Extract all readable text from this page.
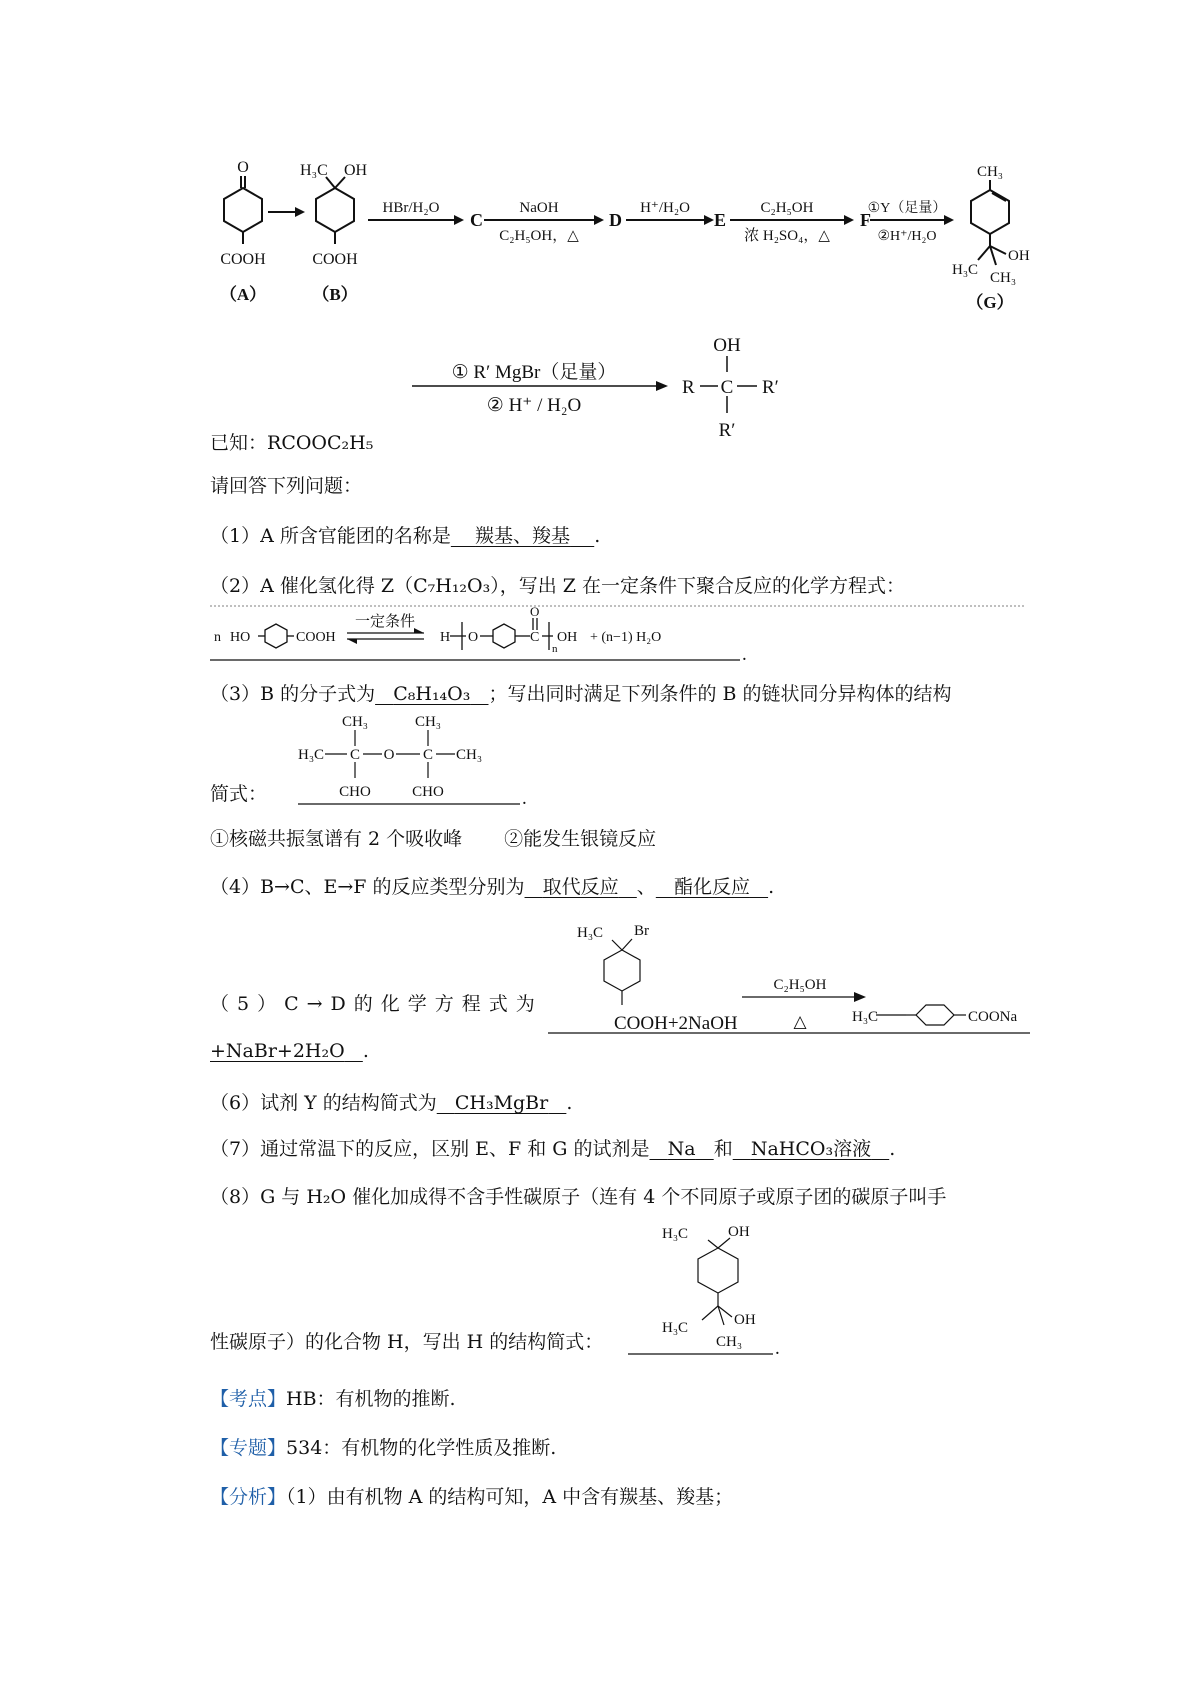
O
COOH
（A）
H₃C OH
COOH
（B）
HBr/H₂O
C
NaOH
C₂H₅OH，△
D
H⁺/H₂O
E
C₂H₅OH
浓 H₂SO₄，△
F
①Y（足量）
②H⁺/H₂O
CH₃
H₃C
OH
CH₃
（G）
① R′ MgBr（足量）
② H⁺ / H₂O
OH
R C R′
R′
已知：RCOOC₂H₅
请回答下列问题：
（1）A 所含官能团的名称是 羰基、羧基 .
（2）A 催化氢化得 Z（C₇H₁₂O₃），写出 Z 在一定条件下聚合反应的化学方程式：
n HO	COOH
一定条件
H O
O
C
n
OH + (n−1) H₂O
.
（3）B 的分子式为 C₈H₁₄O₃ ；写出同时满足下列条件的 B 的链状同分异构体的结构
CH₃	CH₃
H₃C C O C CH₃
CHO	CHO	.
简式：
①核磁共振氢谱有 2 个吸收峰 ②能发生银镜反应
（4）B→C、E→F 的反应类型分别为 取代反应 、 酯化反应 .
（5）C→D的化学方程式为
H₃C Br
COOH+2NaOH
C₂H₅OH
△	H₃C	COONa
+NaBr+2H₂O .
（6）试剂 Y 的结构简式为 CH₃MgBr .
（7）通过常温下的反应，区别 E、F 和 G 的试剂是 Na 和 NaHCO₃溶液 .
（8）G 与 H₂O 催化加成得不含手性碳原子（连有 4 个不同原子或原子团的碳原子叫手
H₃C	OH
H₃C	OH
CH₃ .
性碳原子）的化合物 H，写出 H 的结构简式：
【考点】HB：有机物的推断.
【专题】534：有机物的化学性质及推断.
【分析】（1）由有机物 A 的结构可知，A 中含有羰基、羧基；
